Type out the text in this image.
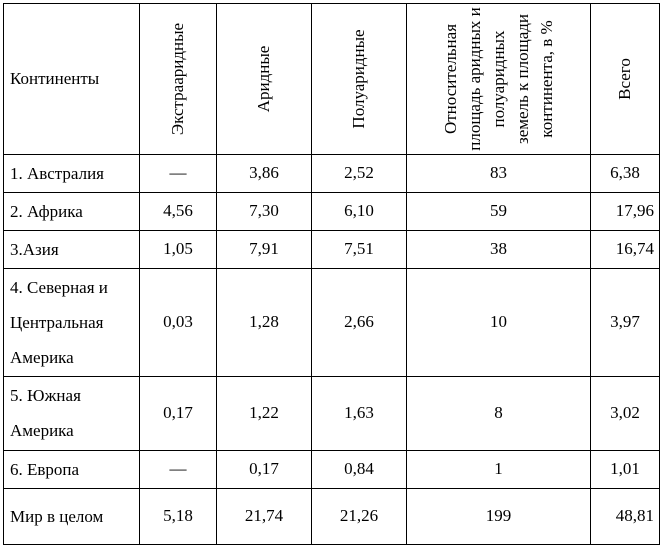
Континенты	Экстрааридные	Аридные	Полуаридные	Относительная площадь аридных и полуаридных земель к площади континента, в %	Всего

1. Австралия	—	3,86	2,52	83	6,38
2. Африка	4,56	7,30	6,10	59	17,96
3.Азия	1,05	7,91	7,51	38	16,74
4. Северная и Центральная Америка	0,03	1,28	2,66	10	3,97
5. Южная Америка	0,17	1,22	1,63	8	3,02
6. Европа	—	0,17	0,84	1	1,01
Мир в целом	5,18	21,74	21,26	199	48,81
